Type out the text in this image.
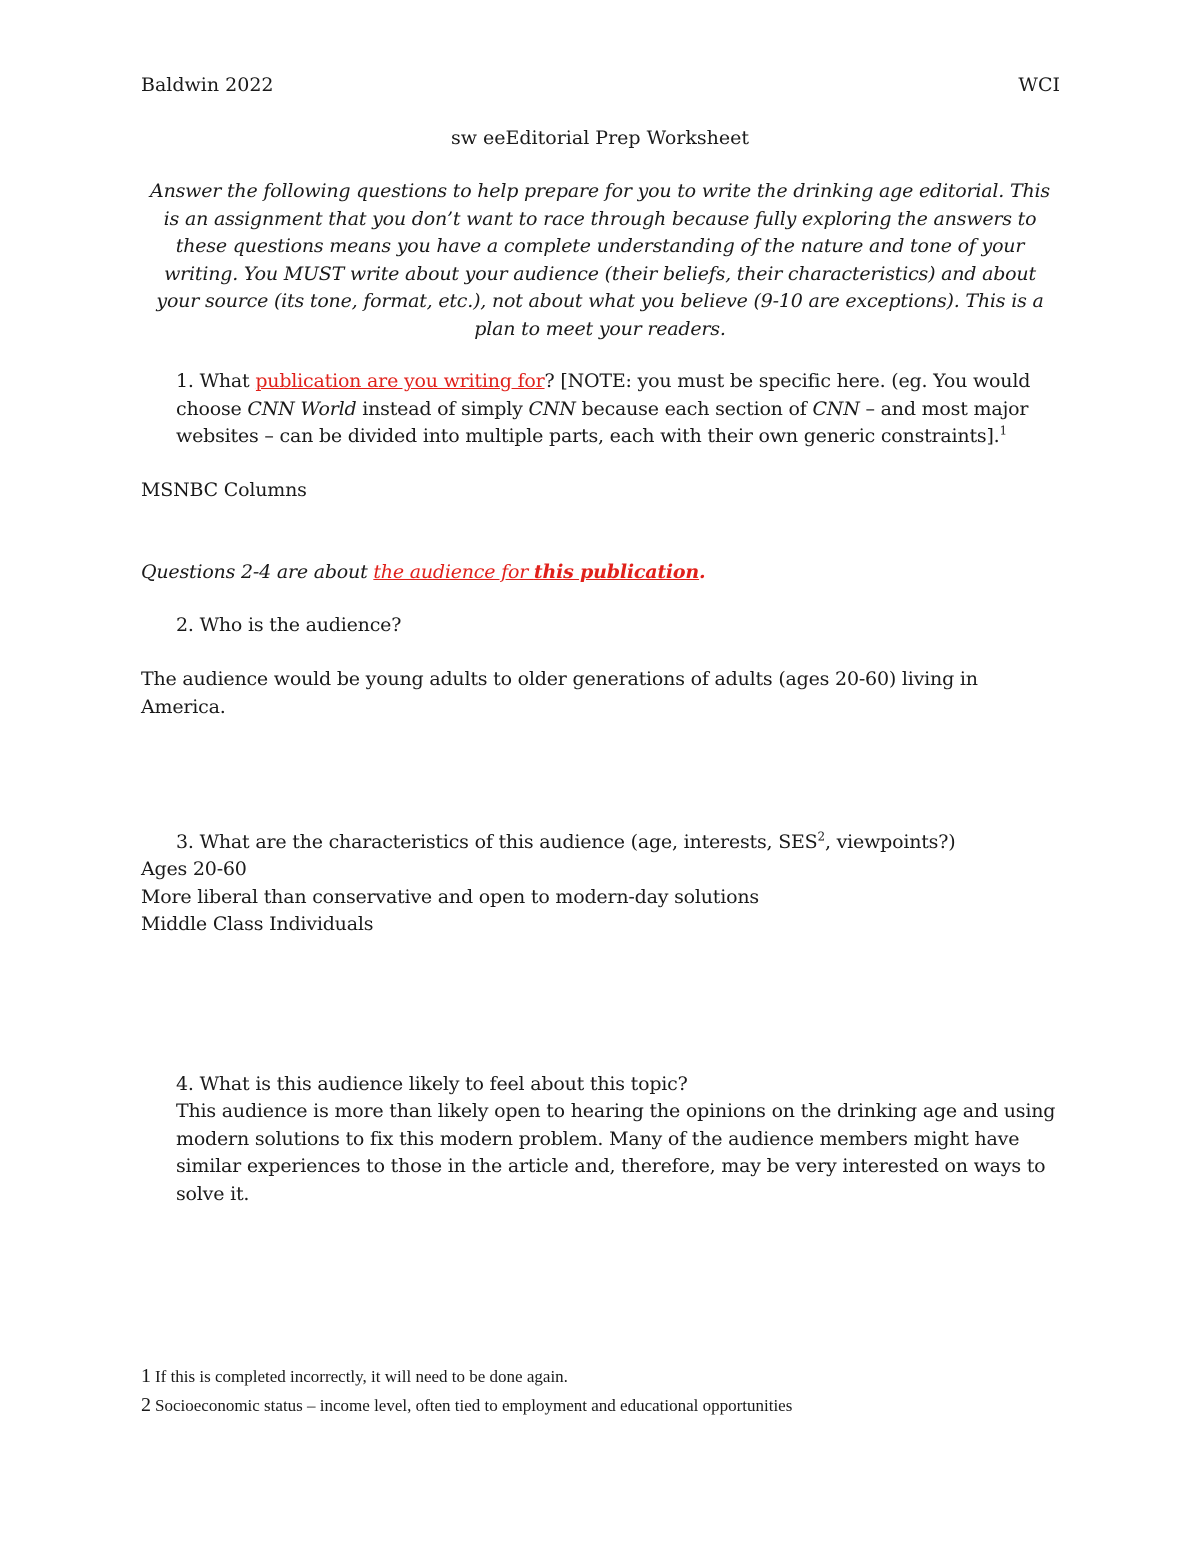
Baldwin 2022	WCI
sw eeEditorial Prep Worksheet
Answer the following questions to help prepare for you to write the drinking age editorial. This is an assignment that you don’t want to race through because fully exploring the answers to these questions means you have a complete understanding of the nature and tone of your writing. You MUST write about your audience (their beliefs, their characteristics) and about your source (its tone, format, etc.), not about what you believe (9-10 are exceptions). This is a plan to meet your readers.
1. What publication are you writing for? [NOTE: you must be specific here. (eg. You would choose CNN World instead of simply CNN because each section of CNN – and most major websites – can be divided into multiple parts, each with their own generic constraints].$^1$
MSNBC Columns
Questions 2-4 are about the audience for this publication.
2. Who is the audience?
The audience would be young adults to older generations of adults (ages 20-60) living in America.
3. What are the characteristics of this audience (age, interests, SES$^2$, viewpoints?)
Ages 20-60
More liberal than conservative and open to modern-day solutions
Middle Class Individuals
4. What is this audience likely to feel about this topic?
This audience is more than likely open to hearing the opinions on the drinking age and using modern solutions to fix this modern problem. Many of the audience members might have similar experiences to those in the article and, therefore, may be very interested on ways to solve it.
1 If this is completed incorrectly, it will need to be done again.
2 Socioeconomic status – income level, often tied to employment and educational opportunities
